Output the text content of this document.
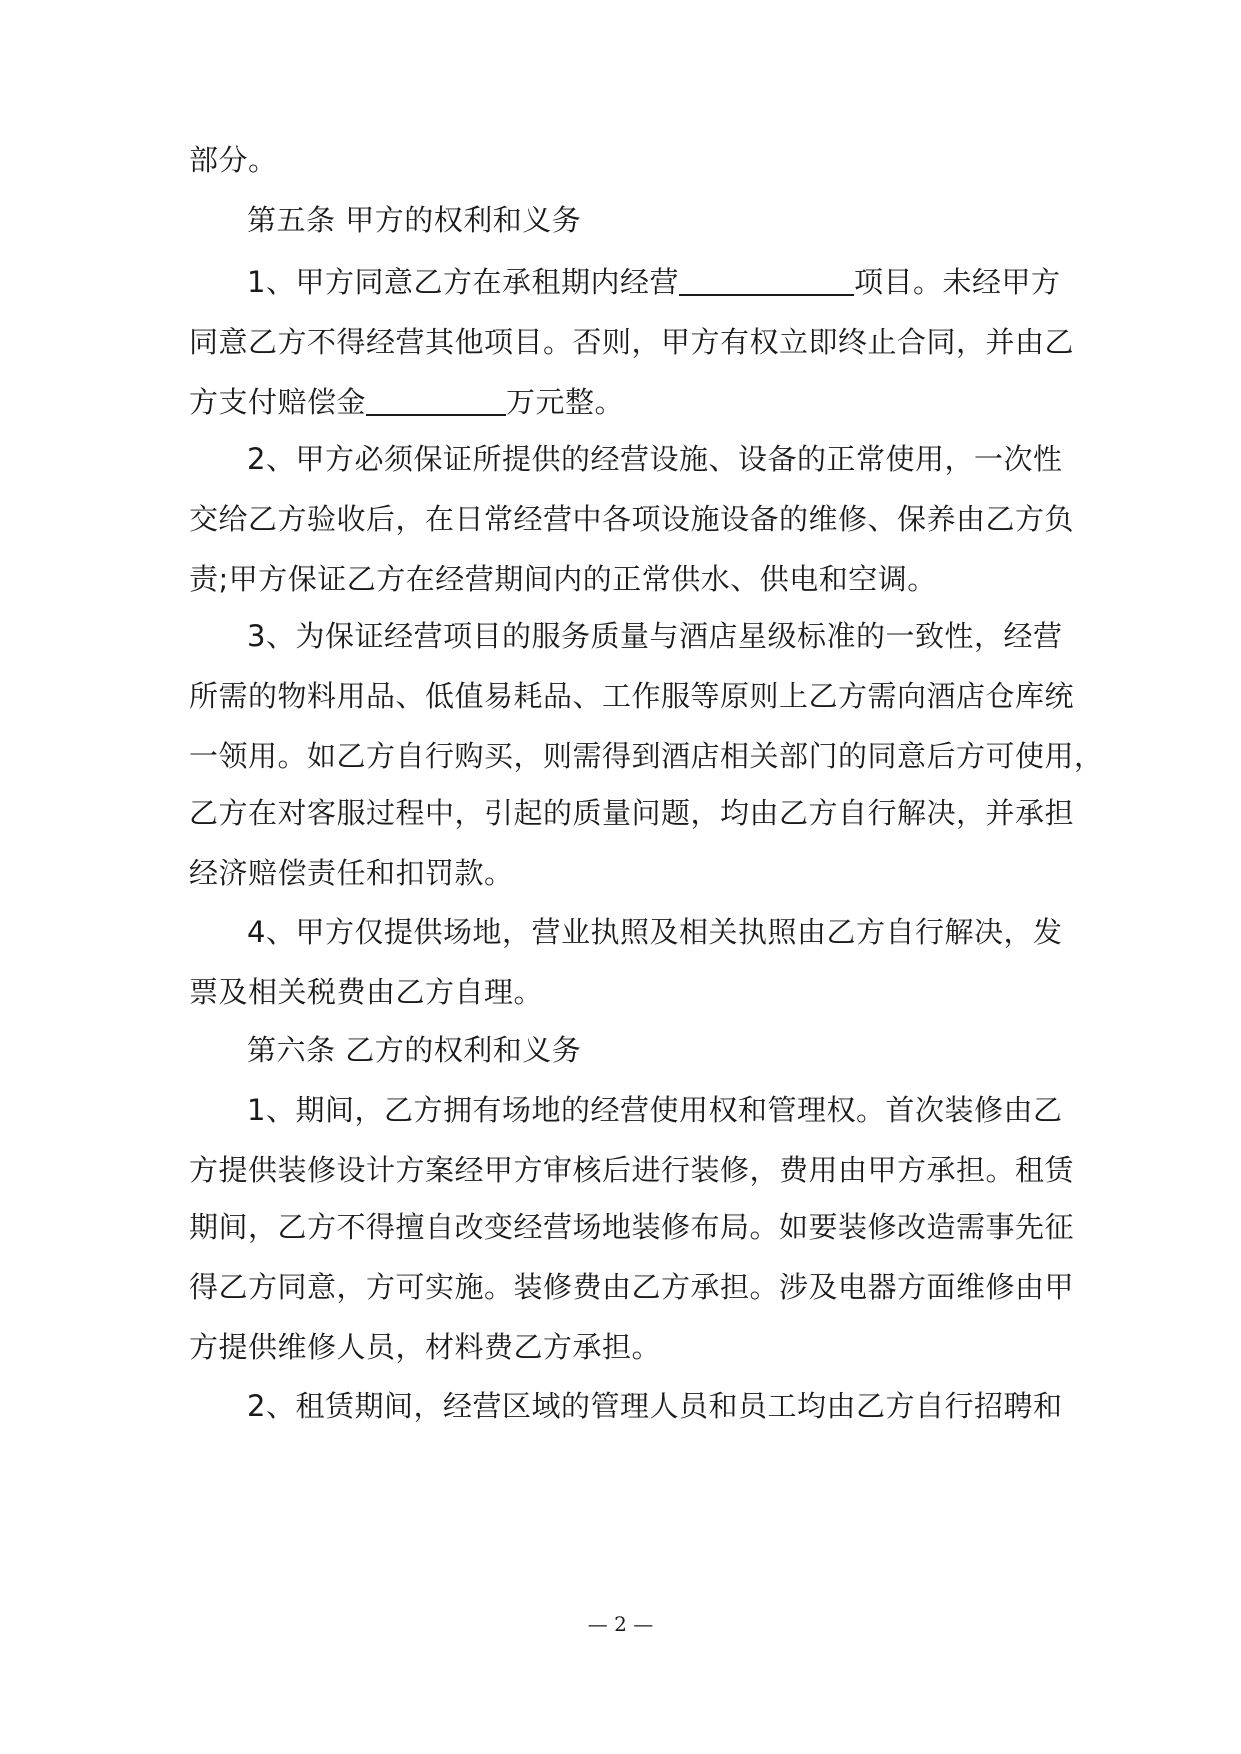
部分。
第五条 甲方的权利和义务
1、甲方同意乙方在承租期内经营	项目。未经甲方
同意乙方不得经营其他项目。否则，甲方有权立即终止合同，并由乙
方支付赔偿金	万元整。
2、甲方必须保证所提供的经营设施、设备的正常使用，一次性
交给乙方验收后，在日常经营中各项设施设备的维修、保养由乙方负
责;甲方保证乙方在经营期间内的正常供水、供电和空调。
3、为保证经营项目的服务质量与酒店星级标准的一致性，经营
所需的物料用品、低值易耗品、工作服等原则上乙方需向酒店仓库统
一领用。如乙方自行购买，则需得到酒店相关部门的同意后方可使用，
乙方在对客服过程中，引起的质量问题，均由乙方自行解决，并承担
经济赔偿责任和扣罚款。
4、甲方仅提供场地，营业执照及相关执照由乙方自行解决，发
票及相关税费由乙方自理。
第六条 乙方的权利和义务
1、期间，乙方拥有场地的经营使用权和管理权。首次装修由乙
方提供装修设计方案经甲方审核后进行装修，费用由甲方承担。租赁
期间，乙方不得擅自改变经营场地装修布局。如要装修改造需事先征
得乙方同意，方可实施。装修费由乙方承担。涉及电器方面维修由甲
方提供维修人员，材料费乙方承担。
2、租赁期间，经营区域的管理人员和员工均由乙方自行招聘和
— 2 —
